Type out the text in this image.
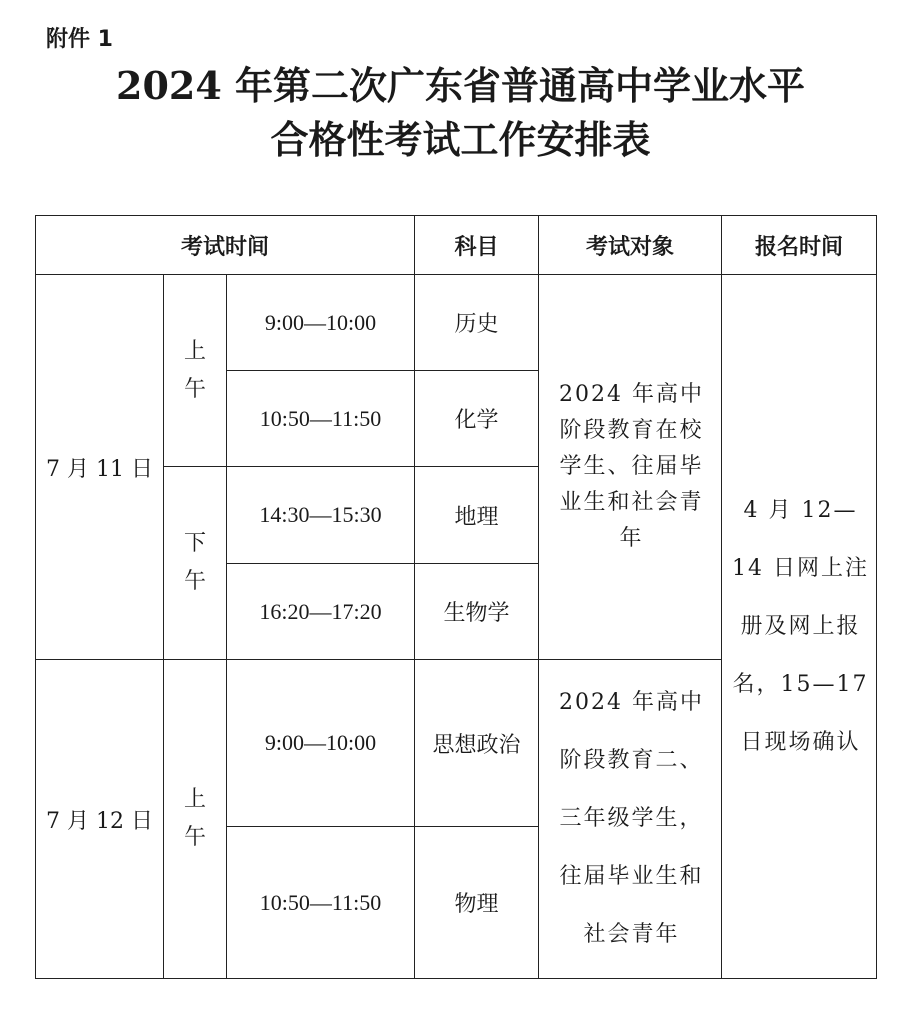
附件 1
2024 年第二次广东省普通高中学业水平
合格性考试工作安排表
考试时间			科目	考试对象	报名时间
7 月 11 日	上午	9:00—10:00	历史	2024 年高中阶段教育在校学生、往届毕业生和社会青年	4 月 12—14 日网上注册及网上报名，15—17 日现场确认
		10:50—11:50	化学		
	下午	14:30—15:30	地理		
		16:20—17:20	生物学		
7 月 12 日	上午	9:00—10:00	思想政治	2024 年高中阶段教育二、三年级学生，往届毕业生和社会青年	
		10:50—11:50	物理		
